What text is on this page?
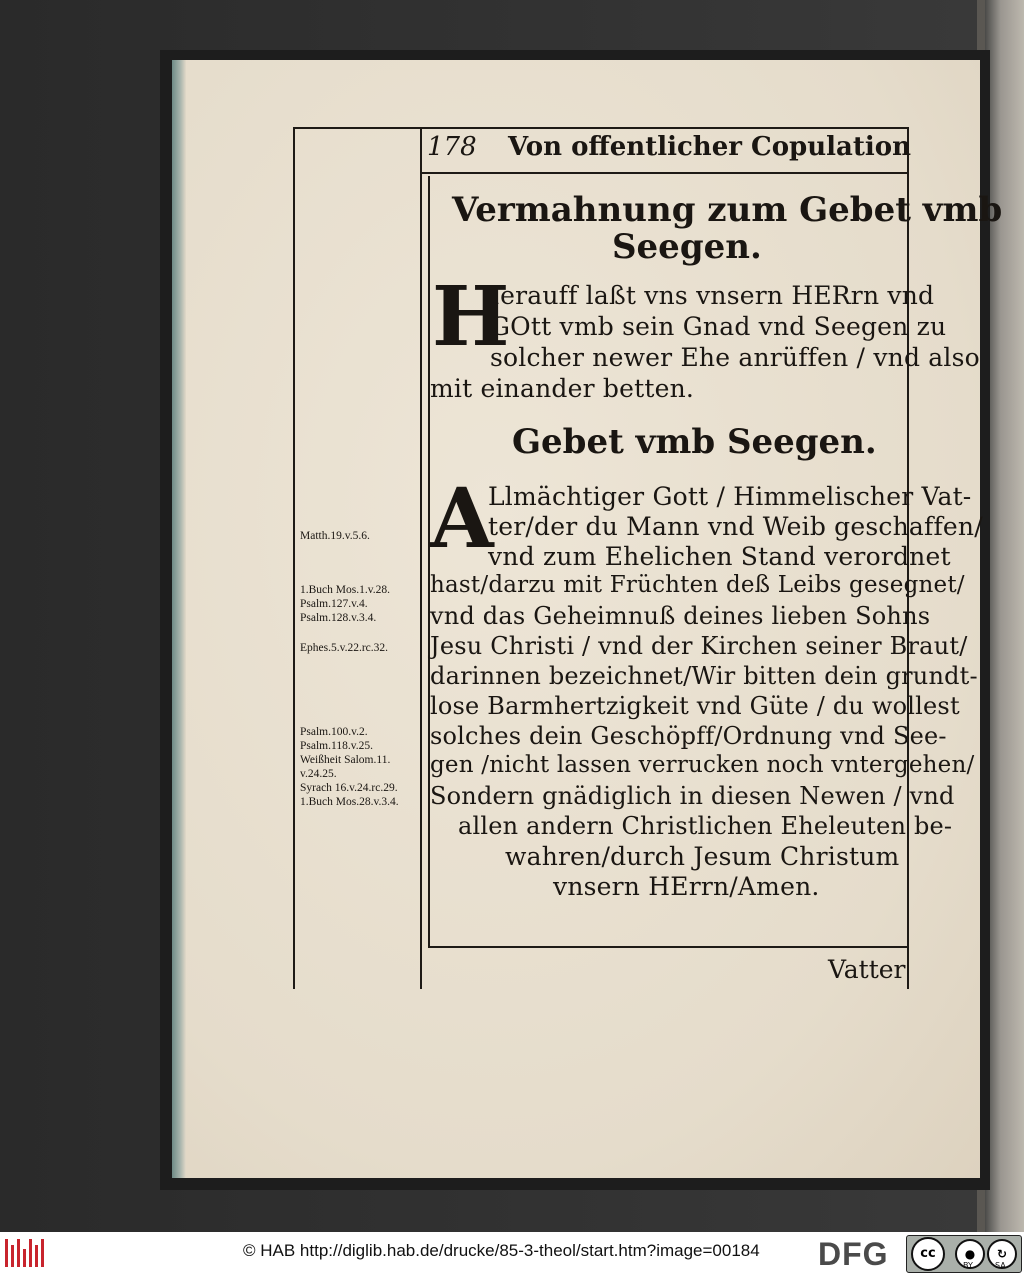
178 Von offentlicher Copulation
Vermahnung zum Gebet vmb
Seegen.
H
Ierauff laßt vns vnsern HERrn vnd
GOtt vmb sein Gnad vnd Seegen zu
solcher newer Ehe anrüffen / vnd also
mit einander betten.
Gebet vmb Seegen.
A
Llmächtiger Gott / Himmelischer Vat-
ter/der du Mann vnd Weib geschaffen/
vnd zum Ehelichen Stand verordnet
hast/darzu mit Früchten deß Leibs gesegnet/
vnd das Geheimnuß deines lieben Sohns
Jesu Christi / vnd der Kirchen seiner Braut/
darinnen bezeichnet/Wir bitten dein grundt-
lose Barmhertzigkeit vnd Güte / du wollest
solches dein Geschöpff/Ordnung vnd See-
gen /nicht lassen verrucken noch vntergehen/
Sondern gnädiglich in diesen Newen / vnd
allen andern Christlichen Eheleuten be-
wahren/durch Jesum Christum
vnsern HErrn/Amen.
Vatter
Matth.19.v.5.6.
1.Buch Mos.1.v.28.
Psalm.127.v.4.
Psalm.128.v.3.4.
Ephes.5.v.22.rc.32.
Psalm.100.v.2.
Psalm.118.v.25.
Weißheit Salom.11.
v.24.25.
Syrach 16.v.24.rc.29.
1.Buch Mos.28.v.3.4.
© HAB http://diglib.hab.de/drucke/85-3-theol/start.htm?image=00184 DFG	cc	●	↻
BY	SA
